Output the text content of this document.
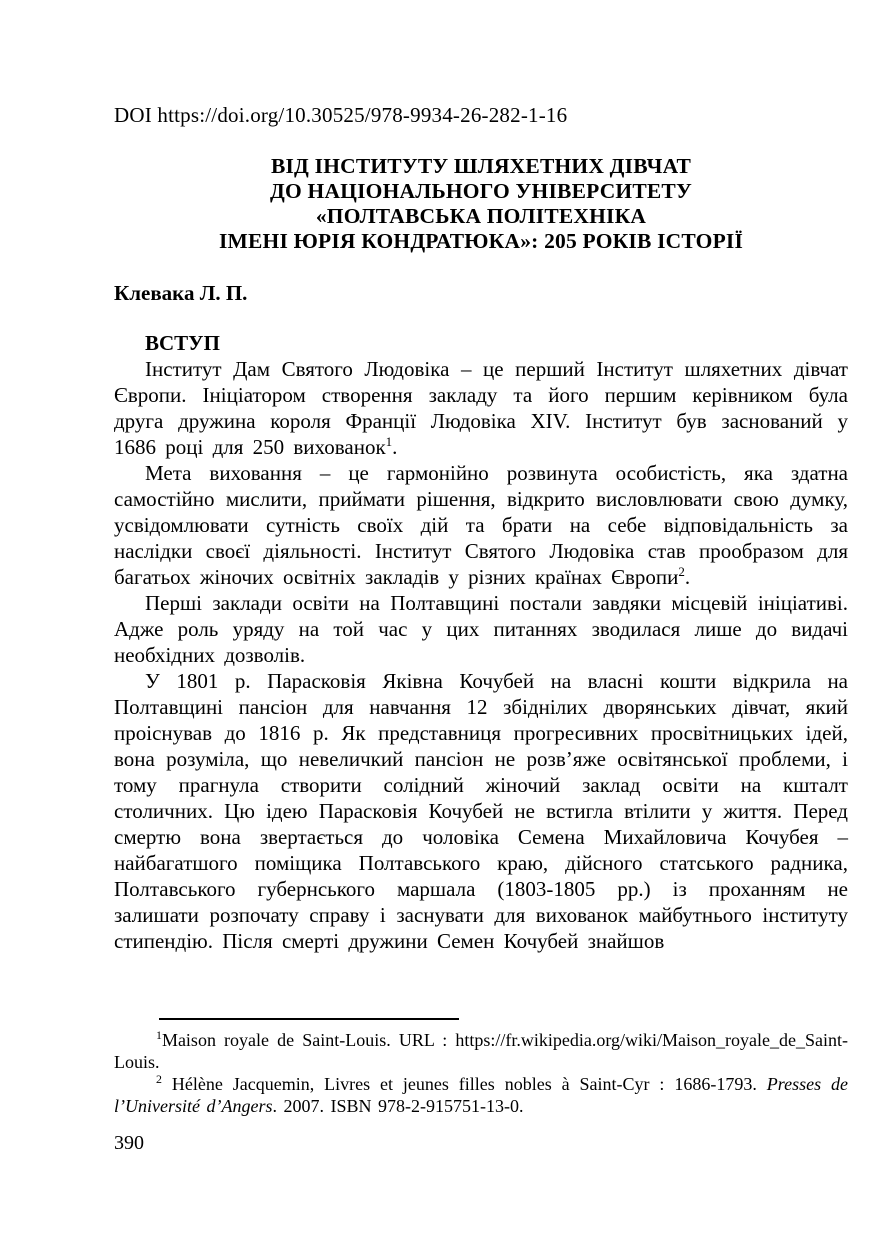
DOI https://doi.org/10.30525/978-9934-26-282-1-16
ВІД ІНСТИТУТУ ШЛЯХЕТНИХ ДІВЧАТ
ДО НАЦІОНАЛЬНОГО УНІВЕРСИТЕТУ
«ПОЛТАВСЬКА ПОЛІТЕХНІКА
ІМЕНІ ЮРІЯ КОНДРАТЮКА»: 205 РОКІВ ІСТОРІЇ
Клевака Л. П.
ВСТУП

Інститут Дам Святого Людовіка – це перший Інститут шляхетних дівчат Європи. Ініціатором створення закладу та його першим керівником була друга дружина короля Франції Людовіка XIV. Інститут був заснований у 1686 році для 250 вихованок$^1$.

Мета виховання – це гармонійно розвинута особистість, яка здатна самостійно мислити, приймати рішення, відкрито висловлювати свою думку, усвідомлювати сутність своїх дій та брати на себе відповідальність за наслідки своєї діяльності. Інститут Святого Людовіка став прообразом для багатьох жіночих освітніх закладів у різних країнах Європи$^2$.

Перші заклади освіти на Полтавщині постали завдяки місцевій ініціативі. Адже роль уряду на той час у цих питаннях зводилася лише до видачі необхідних дозволів.

У 1801 р. Парасковія Яківна Кочубей на власні кошти відкрила на Полтавщині пансіон для навчання 12 збіднілих дворянських дівчат, який проіснував до 1816 р. Як представниця прогресивних просвітницьких ідей, вона розуміла, що невеличкий пансіон не розв’яже освітянської проблеми, і тому прагнула створити солідний жіночий заклад освіти на кшталт столичних. Цю ідею Парасковія Кочубей не встигла втілити у життя. Перед смертю вона звертається до чоловіка Семена Михайловича Кочубея – найбагатшого поміщика Полтавського краю, дійсного статського радника, Полтавського губернського маршала (1803-1805 рр.) із проханням не залишати розпочату справу і заснувати для вихованок майбутнього інституту стипендію. Після смерті дружини Семен Кочубей знайшов

$^1$Maison royale de Saint-Louis. URL : https://fr.wikipedia.org/wiki/Maison_royale_de_Saint-Louis.

$^2$ Hélène Jacquemin, Livres et jeunes filles nobles à Saint-Cyr : 1686-1793. Presses de l’Université d’Angers. 2007. ISBN 978-2-915751-13-0.

390
